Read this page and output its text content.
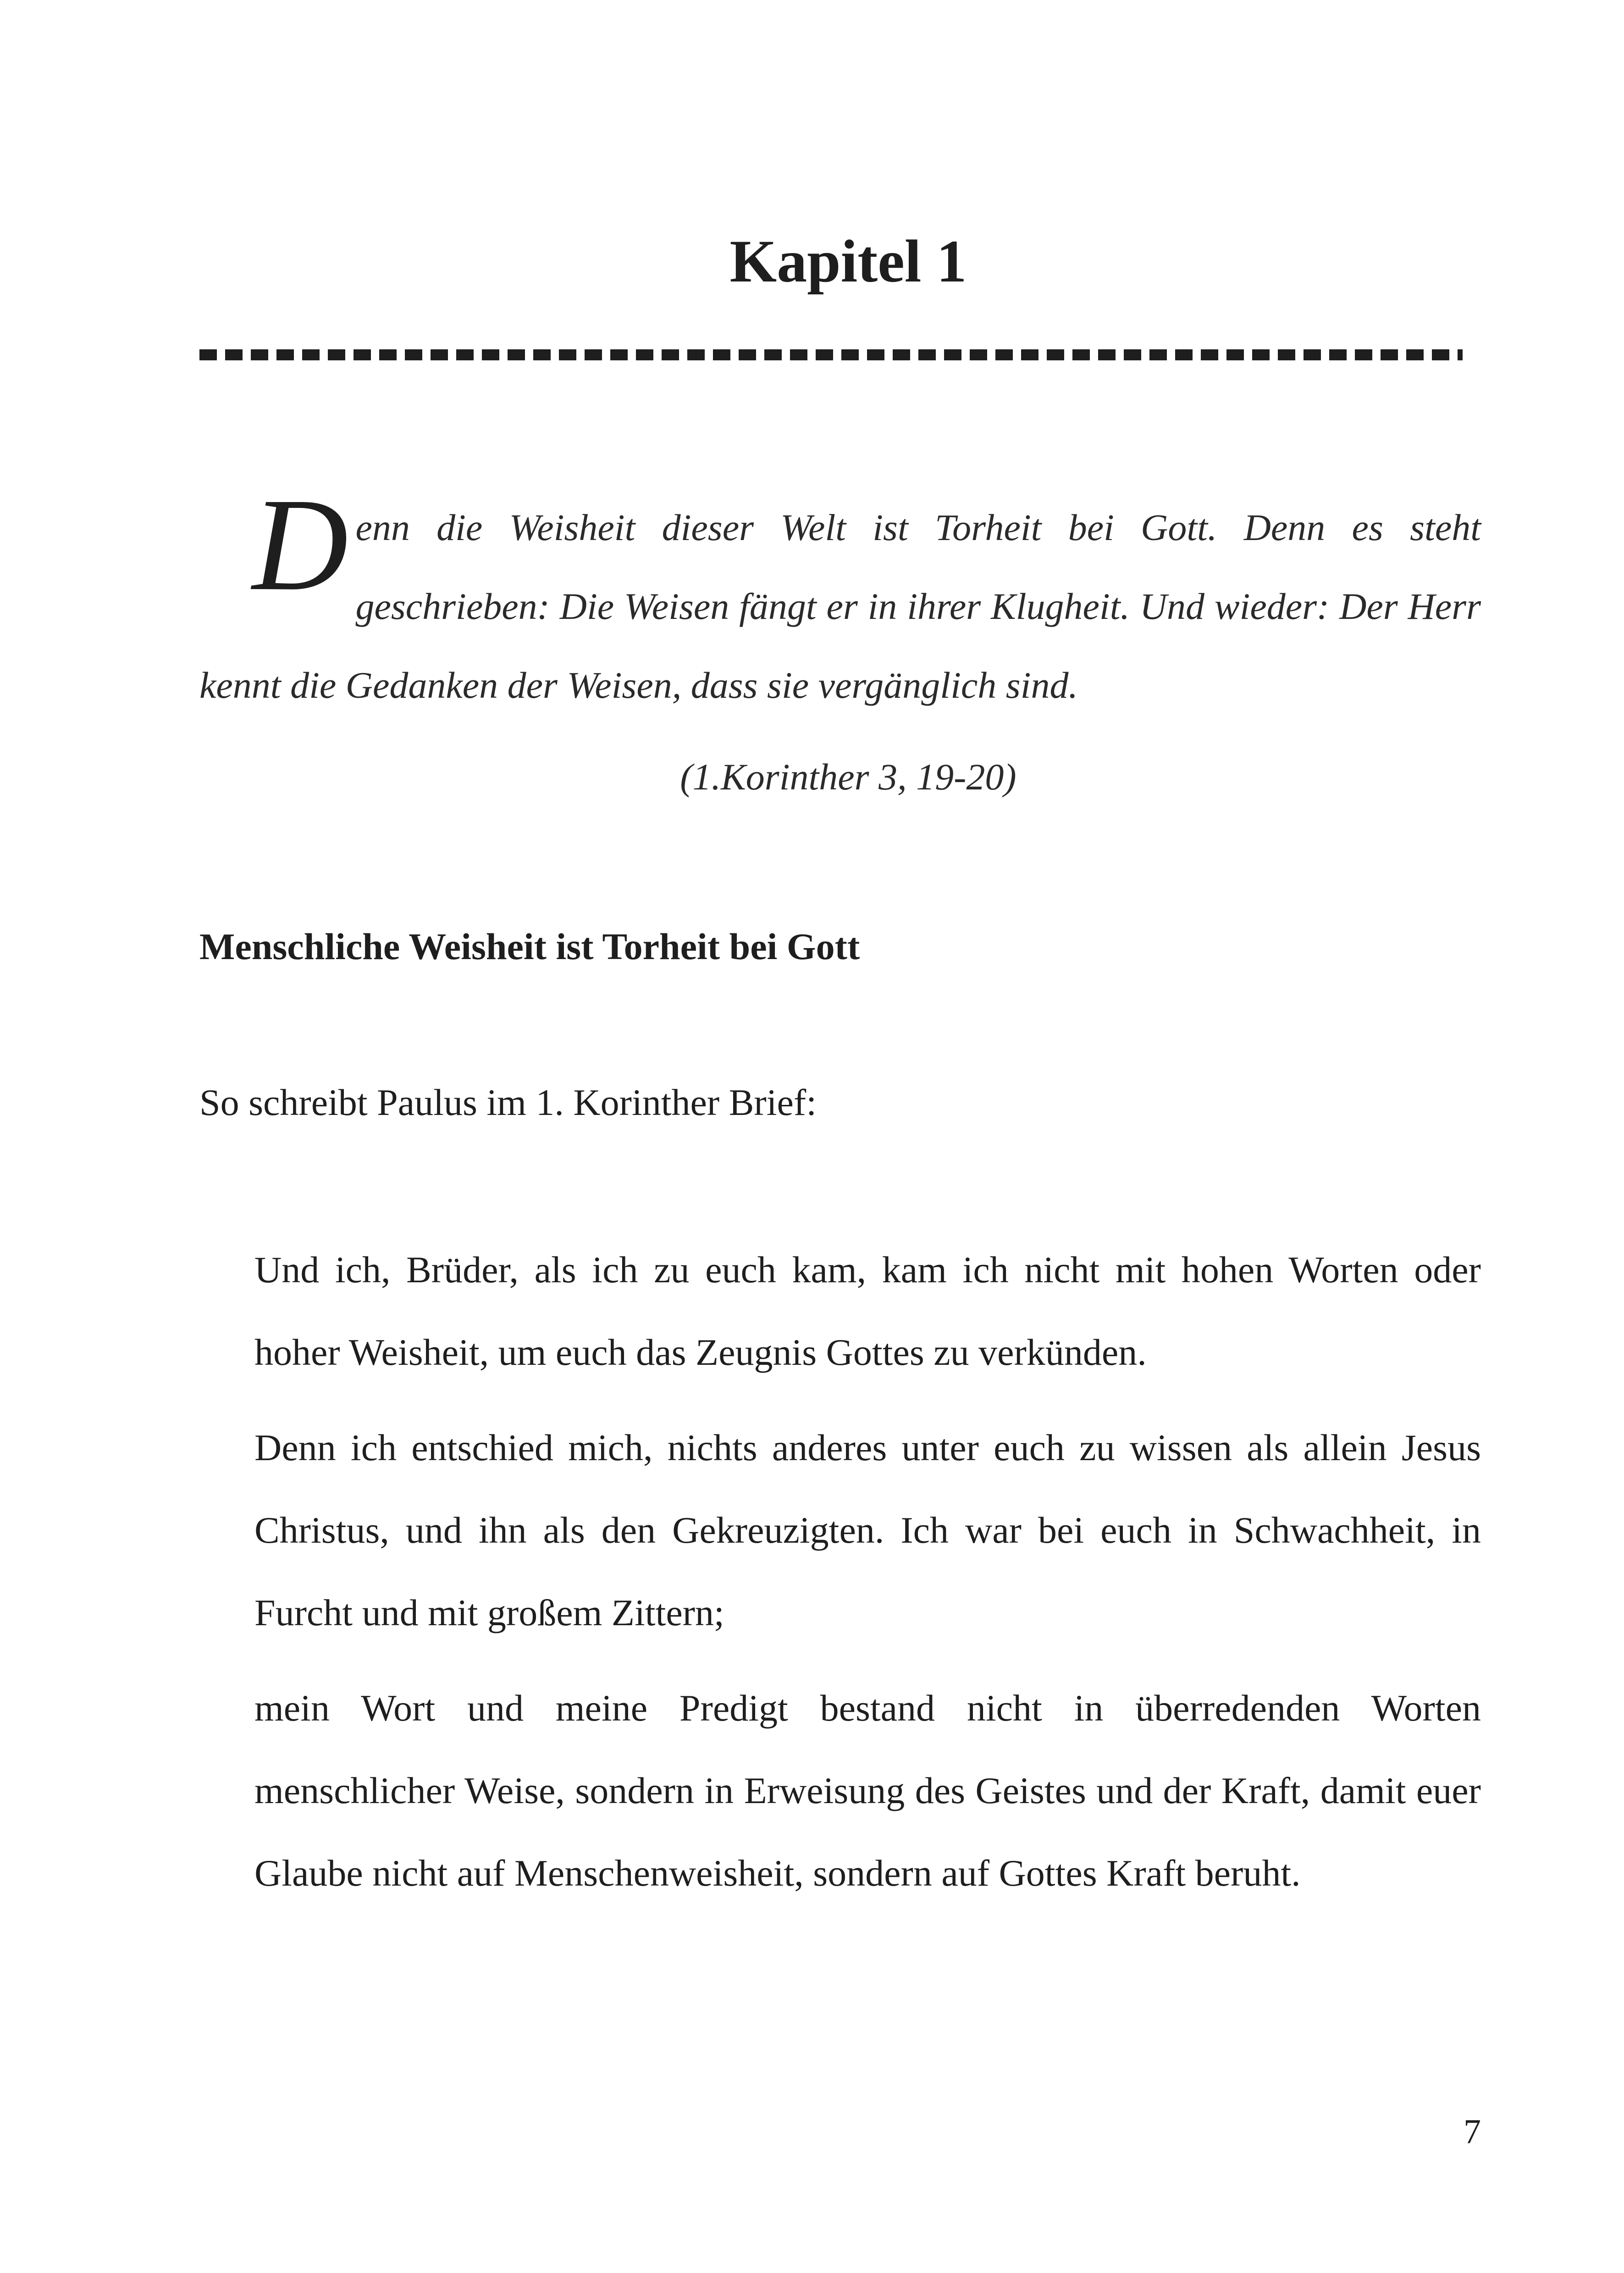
Kapitel 1
D enn die Weisheit dieser Welt ist Torheit bei Gott. Denn es steht geschrieben: Die Weisen fängt er in ihrer Klugheit. Und wieder: Der Herr kennt die Gedanken der Weisen, dass sie vergänglich sind.
(1.Korinther 3, 19-20)
Menschliche Weisheit ist Torheit bei Gott
So schreibt Paulus im 1. Korinther Brief:

Und ich, Brüder, als ich zu euch kam, kam ich nicht mit hohen Worten oder hoher Weisheit, um euch das Zeugnis Gottes zu verkünden.

Denn ich entschied mich, nichts anderes unter euch zu wissen als allein Jesus Christus, und ihn als den Gekreuzigten. Ich war bei euch in Schwachheit, in Furcht und mit großem Zittern;

mein Wort und meine Predigt bestand nicht in überredenden Worten menschlicher Weise, sondern in Erweisung des Geistes und der Kraft, damit euer Glaube nicht auf Menschenweisheit, sondern auf Gottes Kraft beruht.

7
